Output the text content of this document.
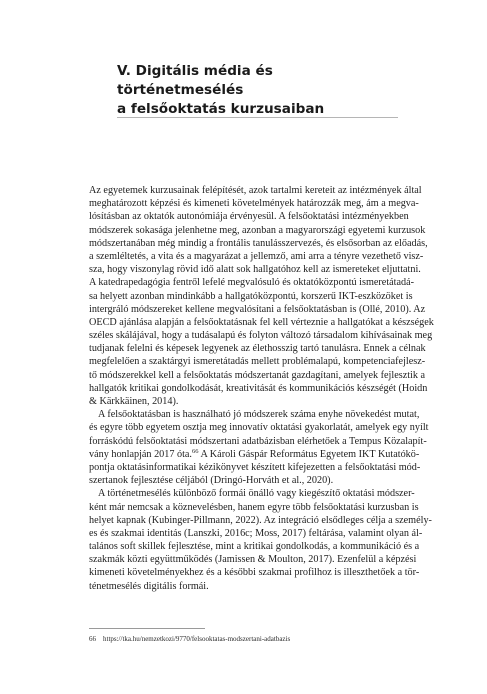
V. Digitális média és történetmesélés
a felsőoktatás kurzusaiban
Az egyetemek kurzusainak felépítését, azok tartalmi kereteit az intézmények által
meghatározott képzési és kimeneti követelmények határozzák meg, ám a megva-
lósításban az oktatók autonómiája érvényesül. A felsőoktatási intézményekben
módszerek sokasága jelenhetne meg, azonban a magyarországi egyetemi kurzusok
módszertanában még mindig a frontális tanulásszervezés, és elsősorban az előadás,
a szemléltetés, a vita és a magyarázat a jellemző, ami arra a tényre vezethető visz-
sza, hogy viszonylag rövid idő alatt sok hallgatóhoz kell az ismereteket eljuttatni.
A katedrapedagógia fentről lefelé megvalósuló és oktatóközpontú ismeretátadá-
sa helyett azonban mindinkább a hallgatóközpontú, korszerű IKT-eszközöket is
intergráló módszereket kellene megvalósítani a felsőoktatásban is (Ollé, 2010). Az
OECD ajánlása alapján a felsőoktatásnak fel kell vérteznie a hallgatókat a készségek
széles skálájával, hogy a tudásalapú és folyton változó társadalom kihívásainak meg
tudjanak felelni és képesek legyenek az élethosszig tartó tanulásra. Ennek a célnak
megfelelően a szaktárgyi ismeretátadás mellett problémalapú, kompetenciafejlesz-
tő módszerekkel kell a felsőoktatás módszertanát gazdagítani, amelyek fejlesztik a
hallgatók kritikai gondolkodását, kreativitását és kommunikációs készségét (Hoidn
& Kärkkäinen, 2014).
A felsőoktatásban is használható jó módszerek száma enyhe növekedést mutat,
és egyre több egyetem osztja meg innovatív oktatási gyakorlatát, amelyek egy nyílt
forráskódú felsőoktatási módszertani adatbázisban elérhetőek a Tempus Közalapít-
vány honlapján 2017 óta.$^{66}$ A Károli Gáspár Református Egyetem IKT Kutatókö-
pontja oktatásinformatikai kézikönyvet készített kifejezetten a felsőoktatási mód-
szertanok fejlesztése céljából (Dringó-Horváth et al., 2020).
A történetmesélés különböző formái önálló vagy kiegészítő oktatási módszer-
ként már nemcsak a köznevelésben, hanem egyre több felsőoktatási kurzusban is
helyet kapnak (Kubinger-Pillmann, 2022). Az integráció elsődleges célja a személy-
es és szakmai identitás (Lanszki, 2016c; Moss, 2017) feltárása, valamint olyan ál-
talános soft skillek fejlesztése, mint a kritikai gondolkodás, a kommunikáció és a
szakmák közti együttműködés (Jamissen & Moulton, 2017). Ezenfelül a képzési
kimeneti követelményekhez és a későbbi szakmai profilhoz is illeszthetőek a tör-
ténetmesélés digitális formái.
66 https://tka.hu/nemzetkozi/9770/felsooktatas-modszertani-adatbazis
